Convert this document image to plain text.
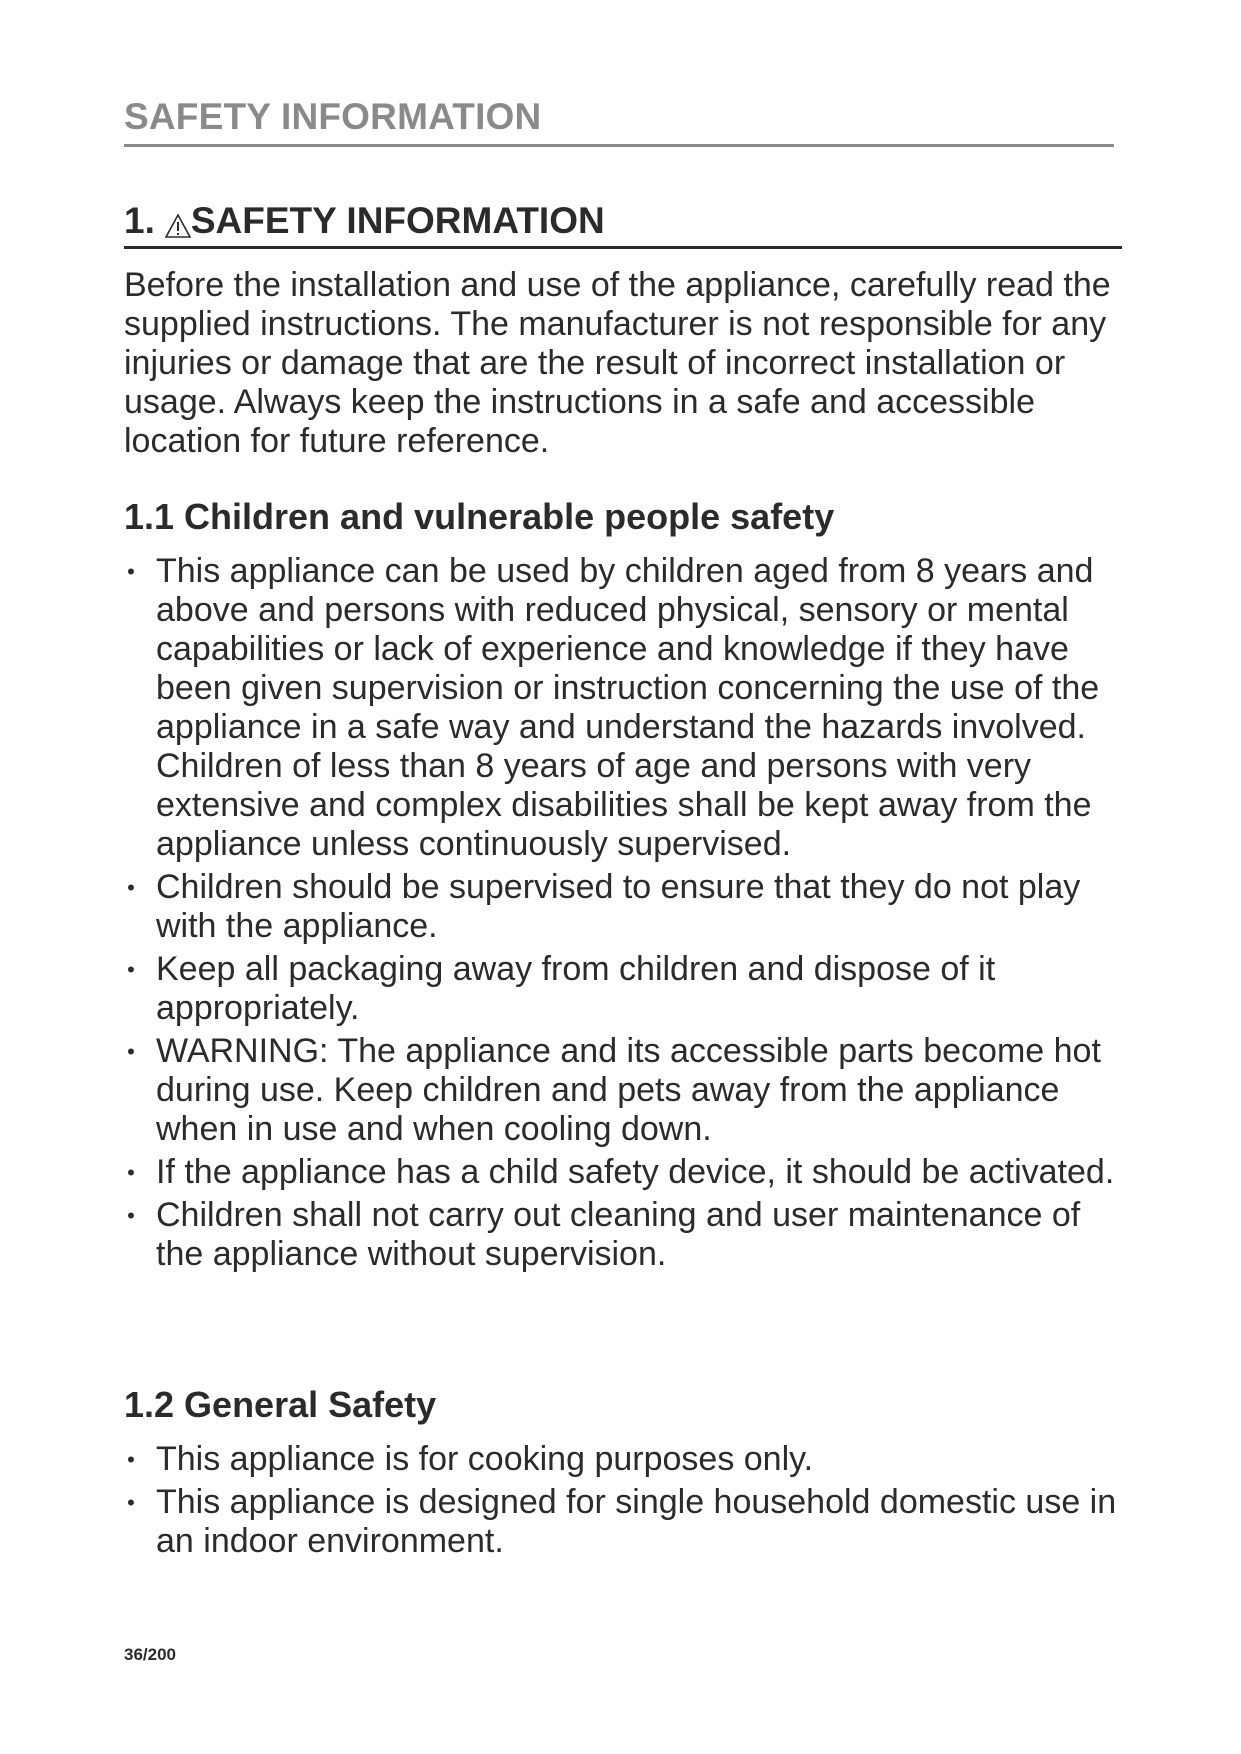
SAFETY INFORMATION
1. SAFETY INFORMATION

Before the installation and use of the appliance, carefully read the supplied instructions. The manufacturer is not responsible for any injuries or damage that are the result of incorrect installation or usage. Always keep the instructions in a safe and accessible location for future reference.

1.1 Children and vulnerable people safety
• This appliance can be used by children aged from 8 years and above and persons with reduced physical, sensory or mental capabilities or lack of experience and knowledge if they have been given supervision or instruction concerning the use of the appliance in a safe way and understand the hazards involved. Children of less than 8 years of age and persons with very extensive and complex disabilities shall be kept away from the appliance unless continuously supervised.
• Children should be supervised to ensure that they do not play with the appliance.
• Keep all packaging away from children and dispose of it appropriately.
• WARNING: The appliance and its accessible parts become hot during use. Keep children and pets away from the appliance when in use and when cooling down.
• If the appliance has a child safety device, it should be activated.
• Children shall not carry out cleaning and user maintenance of the appliance without supervision.
1.2 General Safety
• This appliance is for cooking purposes only.
• This appliance is designed for single household domestic use in an indoor environment.
36/200
